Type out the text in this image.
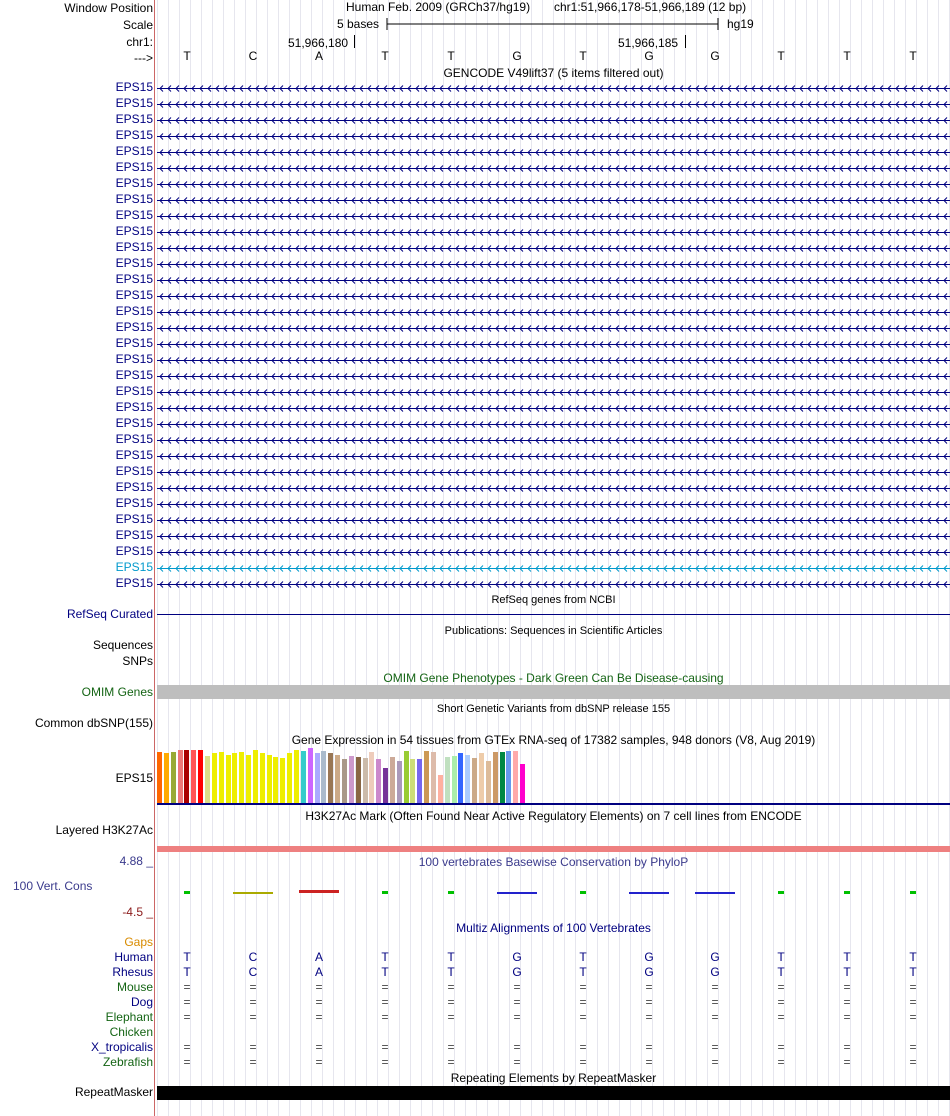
Window Position
Scale
chr1:
--->
Human Feb. 2009 (GRCh37/hg19) chr1:51,966,178-51,966,189 (12 bp)
5 bases	hg19
51,966,180	51,966,185
T	C	A	T	T	G	T	G	G	T	T	T
GENCODE V49lift37 (5 items filtered out)
EPS15
EPS15
EPS15
EPS15
EPS15
EPS15
EPS15
EPS15
EPS15
EPS15
EPS15
EPS15
EPS15
EPS15
EPS15
EPS15
EPS15
EPS15
EPS15
EPS15
EPS15
EPS15
EPS15
EPS15
EPS15
EPS15
EPS15
EPS15
EPS15
EPS15
EPS15
EPS15
RefSeq genes from NCBI
RefSeq Curated
Publications: Sequences in Scientific Articles
Sequences
SNPs
OMIM Gene Phenotypes - Dark Green Can Be Disease-causing
OMIM Genes
Short Genetic Variants from dbSNP release 155
Common dbSNP(155)
Gene Expression in 54 tissues from GTEx RNA-seq of 17382 samples, 948 donors (V8, Aug 2019)
EPS15
H3K27Ac Mark (Often Found Near Active Regulatory Elements) on 7 cell lines from ENCODE
Layered H3K27Ac
100 vertebrates Basewise Conservation by PhyloP
4.88 _
100 Vert. Cons
-4.5 _
Multiz Alignments of 100 Vertebrates
Gaps
Human	T	C	A	T	T	G	T	G	G	T	T	T
Rhesus	T	C	A	T	T	G	T	G	G	T	T	T
Mouse	=	=	=	=	=	=	=	=	=	=	=	=
Dog	=	=	=	=	=	=	=	=	=	=	=	=
Elephant	=	=	=	=	=	=	=	=	=	=	=	=
Chicken
X_tropicalis	=	=	=	=	=	=	=	=	=	=	=	=
Zebrafish	=	=	=	=	=	=	=	=	=	=	=	=
Repeating Elements by RepeatMasker
RepeatMasker
